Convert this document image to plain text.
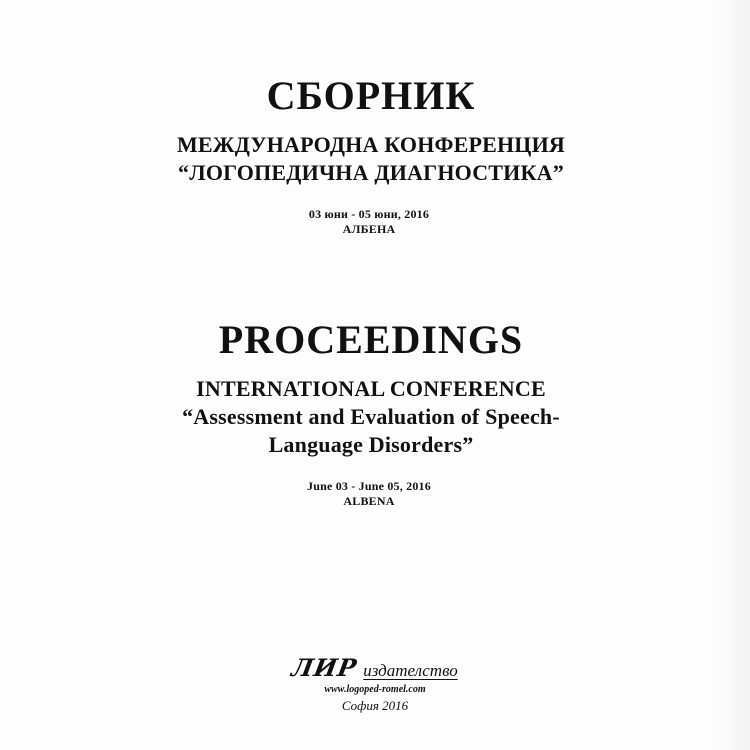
СБОРНИК
МЕЖДУНАРОДНА КОНФЕРЕНЦИЯ
“ЛОГОПЕДИЧНА ДИАГНОСТИКА”
03 юни - 05 юни, 2016
АЛБЕНА
PROCEEDINGS
INTERNATIONAL CONFERENCE
“Assessment and Evaluation of Speech-
Language Disorders”
June 03 - June 05, 2016
ALBENA
ЛИР издателство
www.logoped-romel.com
София 2016
